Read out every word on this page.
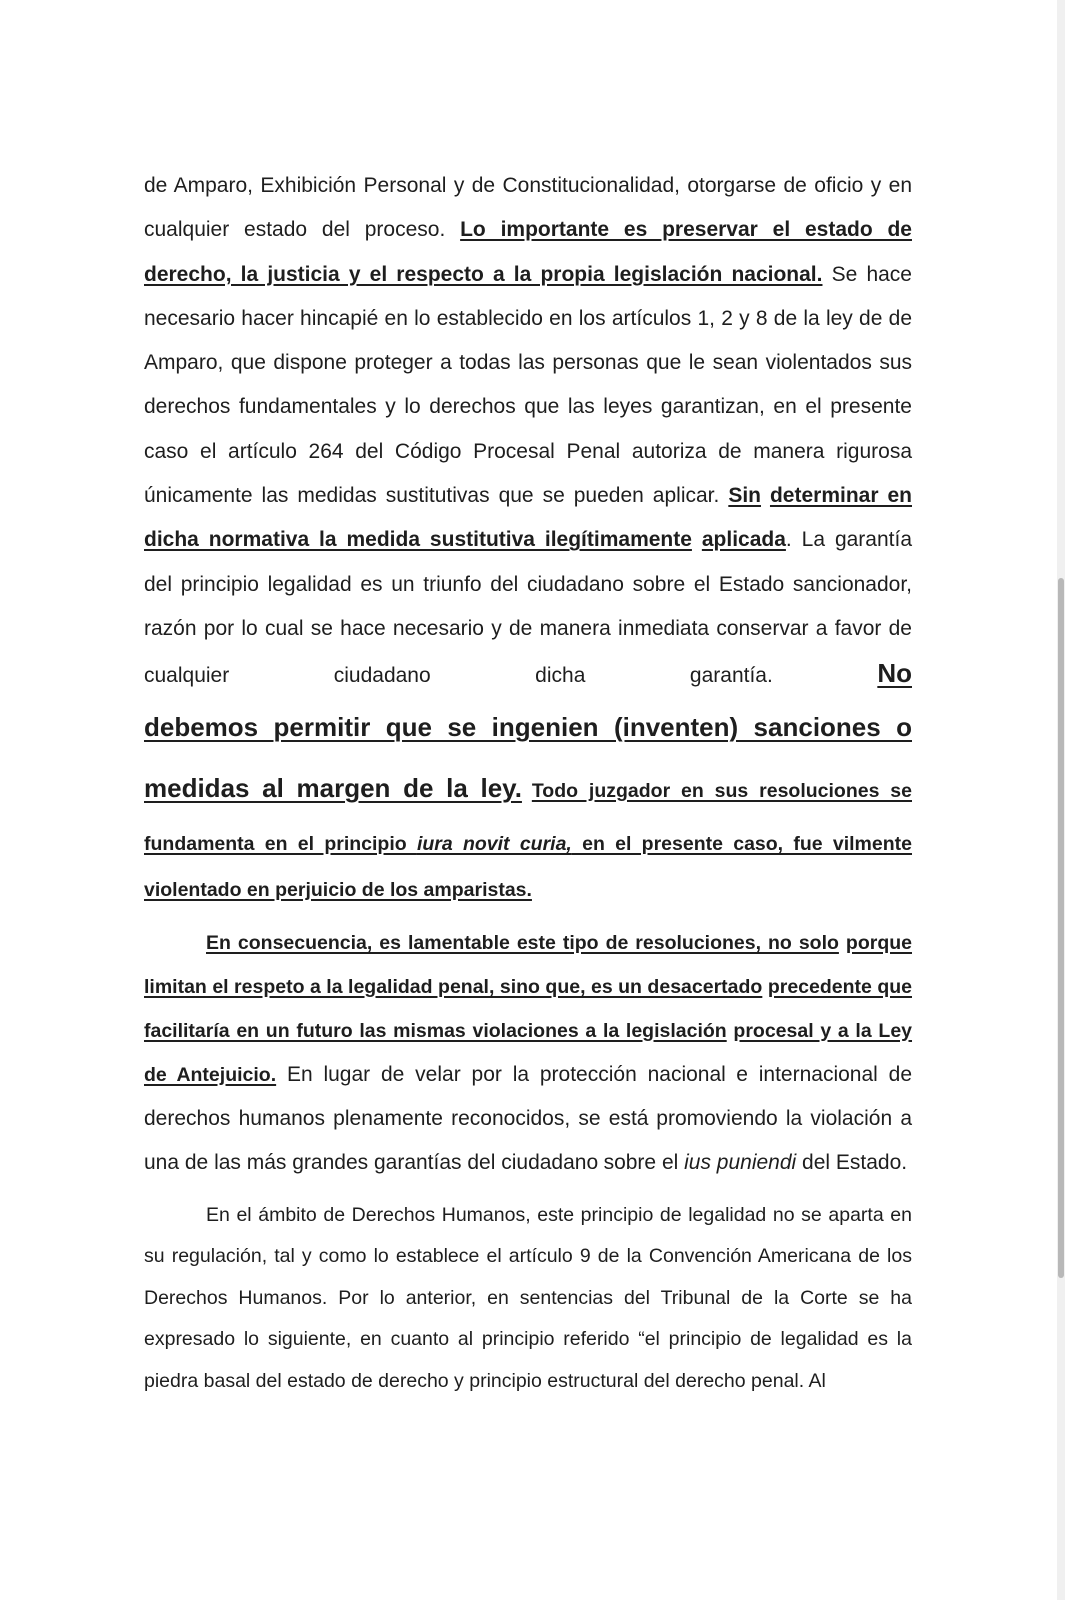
de Amparo, Exhibición Personal y de Constitucionalidad, otorgarse de oficio y en cualquier estado del proceso. Lo importante es preservar el estado de derecho, la justicia y el respecto a la propia legislación nacional. Se hace necesario hacer hincapié en lo establecido en los artículos 1, 2 y 8 de la ley de de Amparo, que dispone proteger a todas las personas que le sean violentados sus derechos fundamentales y lo derechos que las leyes garantizan, en el presente caso el artículo 264 del Código Procesal Penal autoriza de manera rigurosa únicamente las medidas sustitutivas que se pueden aplicar. Sin determinar en dicha normativa la medida sustitutiva ilegítimamente aplicada. La garantía del principio legalidad es un triunfo del ciudadano sobre el Estado sancionador, razón por lo cual se hace necesario y de manera inmediata conservar a favor de cualquier ciudadano dicha garantía. No

debemos permitir que se ingenien (inventen) sanciones o

medidas al margen de la ley. Todo juzgador en sus resoluciones se

fundamenta en el principio iura novit curia, en el presente caso, fue vilmente violentado en perjuicio de los amparistas.

En consecuencia, es lamentable este tipo de resoluciones, no solo porque limitan el respeto a la legalidad penal, sino que, es un desacertado precedente que facilitaría en un futuro las mismas violaciones a la legislación procesal y a la Ley de Antejuicio. En lugar de velar por la protección nacional e internacional de derechos humanos plenamente reconocidos, se está promoviendo la violación a una de las más grandes garantías del ciudadano sobre el ius puniendi del Estado.

En el ámbito de Derechos Humanos, este principio de legalidad no se aparta en su regulación, tal y como lo establece el artículo 9 de la Convención Americana de los Derechos Humanos. Por lo anterior, en sentencias del Tribunal de la Corte se ha expresado lo siguiente, en cuanto al principio referido “el principio de legalidad es la piedra basal del estado de derecho y principio estructural del derecho penal. Al
